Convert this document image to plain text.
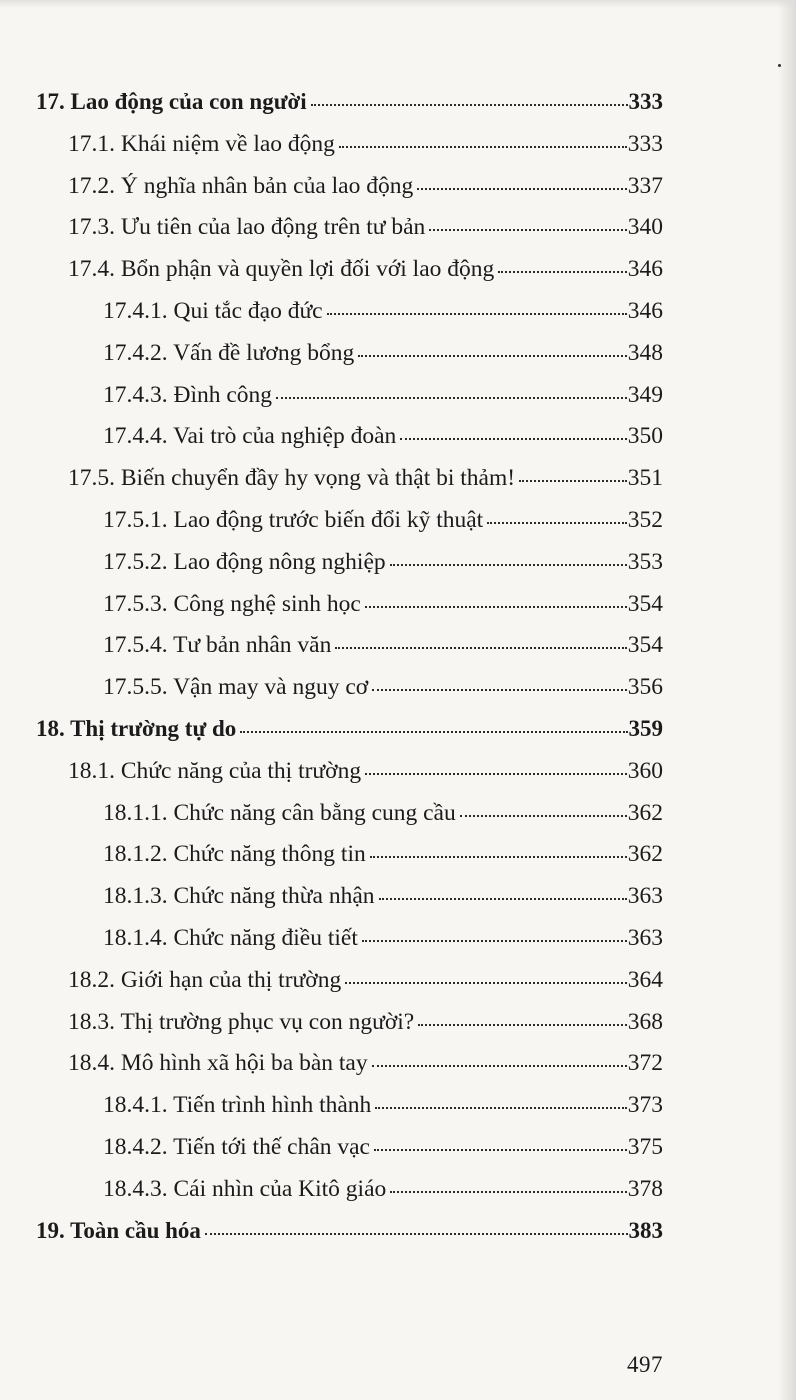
17. Lao động của con người	333
17.1. Khái niệm về lao động	333
17.2. Ý nghĩa nhân bản của lao động	337
17.3. Ưu tiên của lao động trên tư bản	340
17.4. Bổn phận và quyền lợi đối với lao động	346
17.4.1. Qui tắc đạo đức	346
17.4.2. Vấn đề lương bổng	348
17.4.3. Đình công	349
17.4.4. Vai trò của nghiệp đoàn	350
17.5. Biến chuyển đầy hy vọng và thật bi thảm!	351
17.5.1. Lao động trước biến đổi kỹ thuật	352
17.5.2. Lao động nông nghiệp	353
17.5.3. Công nghệ sinh học	354
17.5.4. Tư bản nhân văn	354
17.5.5. Vận may và nguy cơ	356
18. Thị trường tự do	359
18.1. Chức năng của thị trường	360
18.1.1. Chức năng cân bằng cung cầu	362
18.1.2. Chức năng thông tin	362
18.1.3. Chức năng thừa nhận	363
18.1.4. Chức năng điều tiết	363
18.2. Giới hạn của thị trường	364
18.3. Thị trường phục vụ con người?	368
18.4. Mô hình xã hội ba bàn tay	372
18.4.1. Tiến trình hình thành	373
18.4.2. Tiến tới thế chân vạc	375
18.4.3. Cái nhìn của Kitô giáo	378
19. Toàn cầu hóa	383
497
